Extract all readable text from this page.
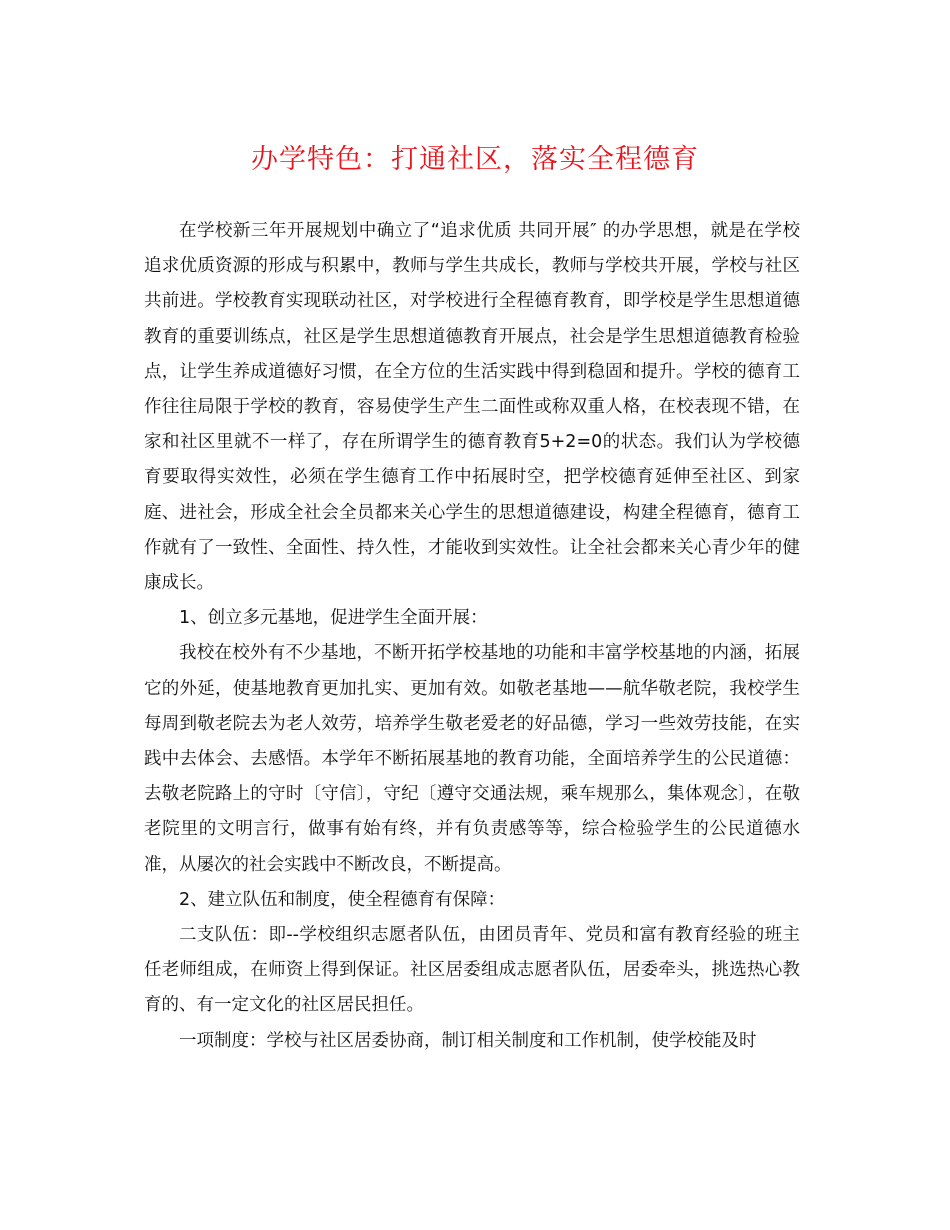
办学特色：打通社区，落实全程德育

在学校新三年开展规划中确立了“追求优质 共同开展″ 的办学思想，就是在学校追求优质资源的形成与积累中，教师与学生共成长，教师与学校共开展，学校与社区共前进。学校教育实现联动社区，对学校进行全程德育教育，即学校是学生思想道德教育的重要训练点，社区是学生思想道德教育开展点，社会是学生思想道德教育检验点，让学生养成道德好习惯，在全方位的生活实践中得到稳固和提升。学校的德育工作往往局限于学校的教育，容易使学生产生二面性或称双重人格，在校表现不错，在家和社区里就不一样了，存在所谓学生的德育教育5+2=0的状态。我们认为学校德育要取得实效性，必须在学生德育工作中拓展时空，把学校德育延伸至社区、到家庭、进社会，形成全社会全员都来关心学生的思想道德建设，构建全程德育，德育工作就有了一致性、全面性、持久性，才能收到实效性。让全社会都来关心青少年的健康成长。

1、创立多元基地，促进学生全面开展：

我校在校外有不少基地，不断开拓学校基地的功能和丰富学校基地的内涵，拓展它的外延，使基地教育更加扎实、更加有效。如敬老基地——航华敬老院，我校学生每周到敬老院去为老人效劳，培养学生敬老爱老的好品德，学习一些效劳技能，在实践中去体会、去感悟。本学年不断拓展基地的教育功能，全面培养学生的公民道德：去敬老院路上的守时〔守信〕，守纪〔遵守交通法规，乘车规那么，集体观念〕，在敬老院里的文明言行，做事有始有终，并有负责感等等，综合检验学生的公民道德水准，从屡次的社会实践中不断改良，不断提高。

2、建立队伍和制度，使全程德育有保障：

二支队伍：即--学校组织志愿者队伍，由团员青年、党员和富有教育经验的班主任老师组成，在师资上得到保证。社区居委组成志愿者队伍，居委牵头，挑选热心教育的、有一定文化的社区居民担任。

一项制度：学校与社区居委协商，制订相关制度和工作机制，使学校能及时
